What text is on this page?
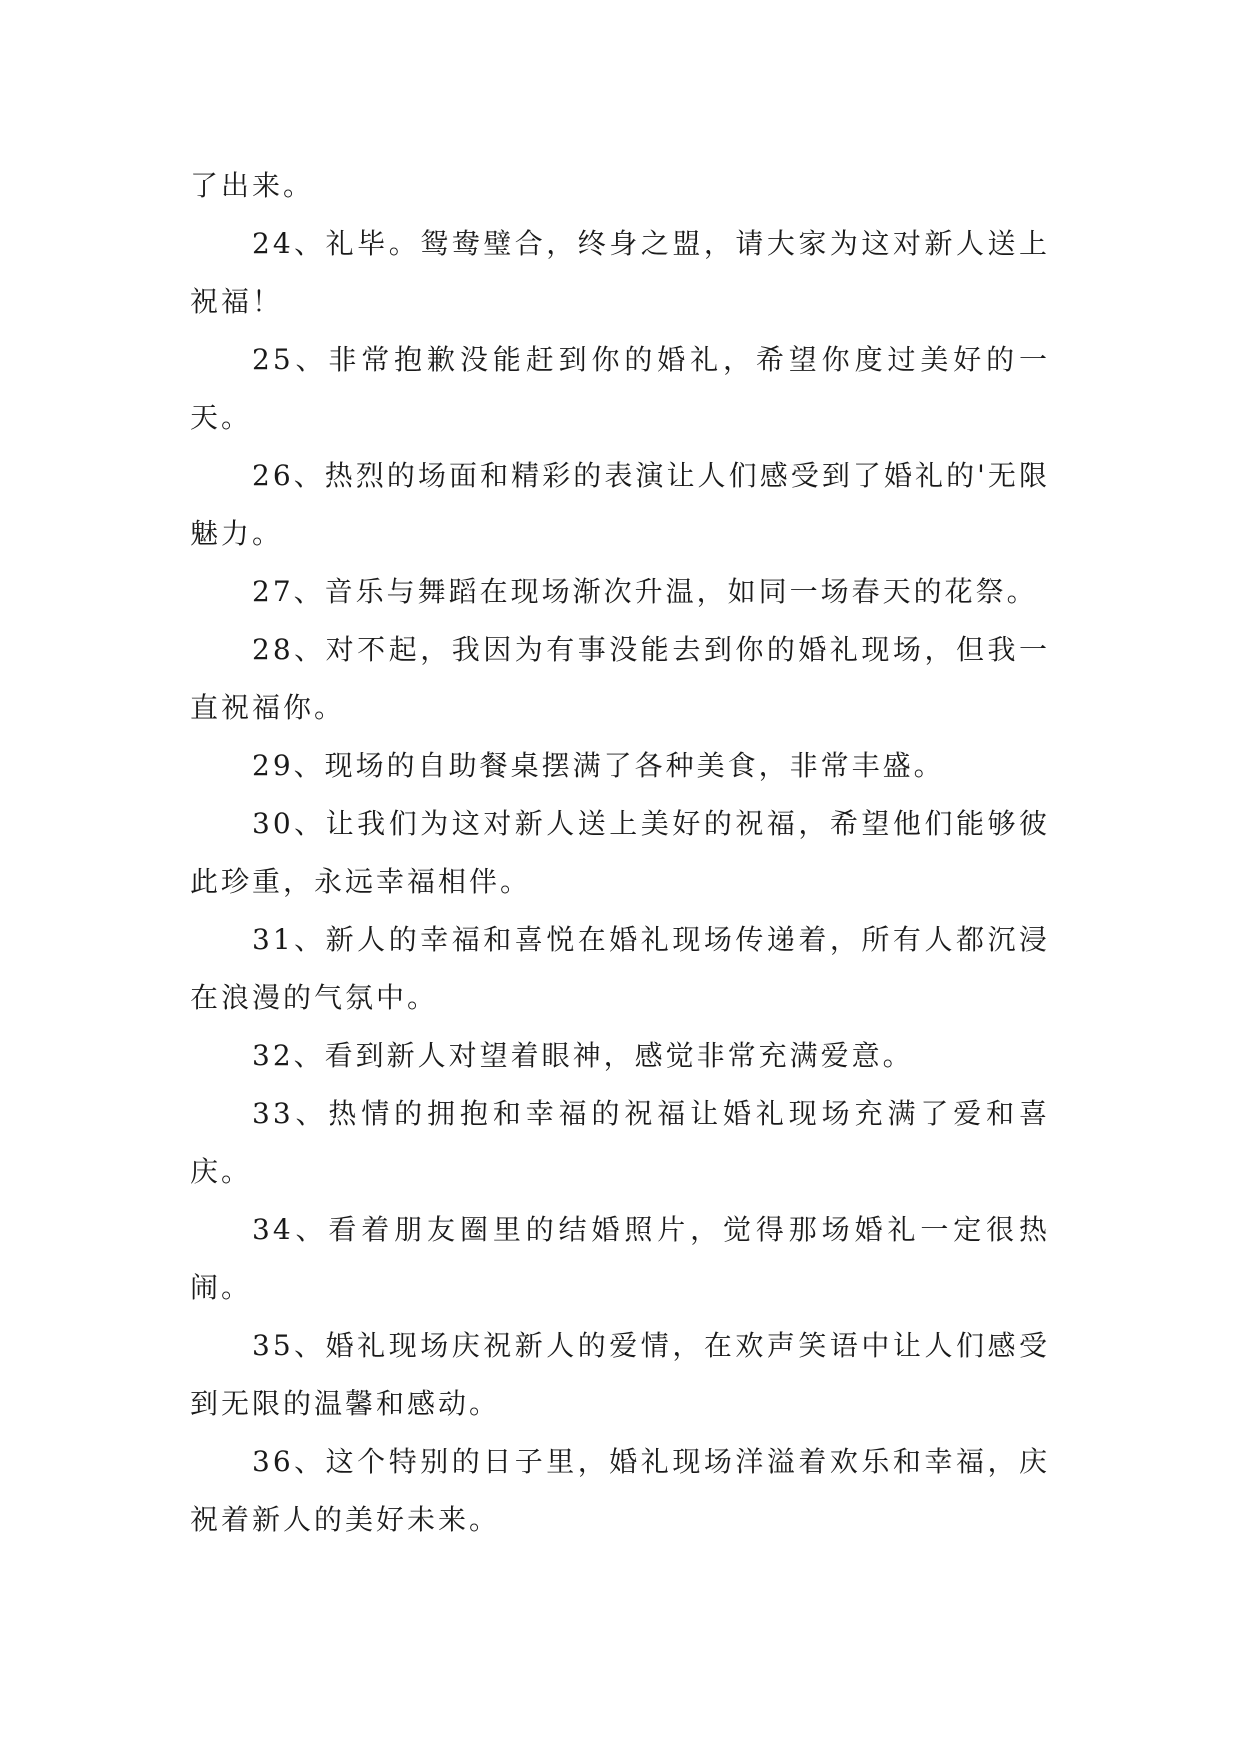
了出来。

24、礼毕。鸳鸯璧合，终身之盟，请大家为这对新人送上祝福！

25、非常抱歉没能赶到你的婚礼，希望你度过美好的一天。

26、热烈的场面和精彩的表演让人们感受到了婚礼的'无限魅力。

27、音乐与舞蹈在现场渐次升温，如同一场春天的花祭。

28、对不起，我因为有事没能去到你的婚礼现场，但我一直祝福你。

29、现场的自助餐桌摆满了各种美食，非常丰盛。

30、让我们为这对新人送上美好的祝福，希望他们能够彼此珍重，永远幸福相伴。

31、新人的幸福和喜悦在婚礼现场传递着，所有人都沉浸在浪漫的气氛中。

32、看到新人对望着眼神，感觉非常充满爱意。

33、热情的拥抱和幸福的祝福让婚礼现场充满了爱和喜庆。

34、看着朋友圈里的结婚照片，觉得那场婚礼一定很热闹。

35、婚礼现场庆祝新人的爱情，在欢声笑语中让人们感受到无限的温馨和感动。

36、这个特别的日子里，婚礼现场洋溢着欢乐和幸福，庆祝着新人的美好未来。
